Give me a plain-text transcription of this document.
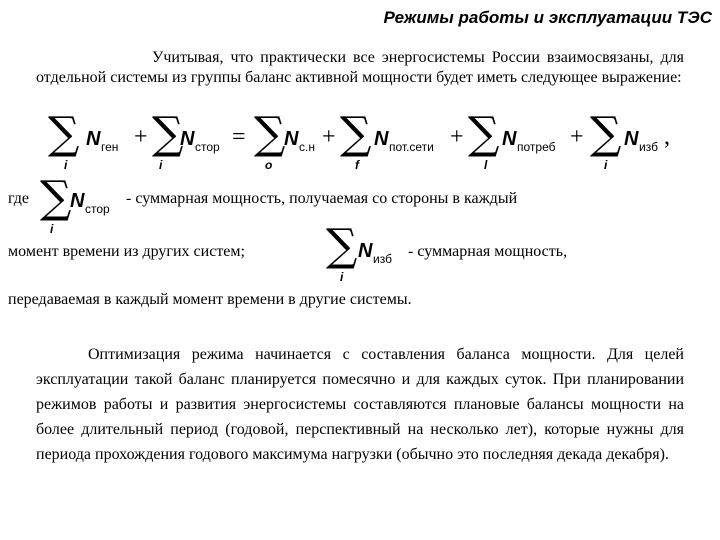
Режимы работы и эксплуатации ТЭС
Учитывая, что практически все энергосистемы России взаимосвязаны, для отдельной системы из группы баланс активной мощности будет иметь следующее выражение:
∑
i
N ген + ∑
i
N стор = ∑
o
N с.н + ∑
f
N пот.сети + ∑
l
N потреб + ∑
i
N изб ,
где ∑
i
N стор
- суммарная мощность, получаемая со стороны в каждый
момент времени из других систем; ∑
i
N изб - суммарная мощность,
передаваемая в каждый момент времени в другие системы.
Оптимизация режима начинается с составления баланса мощности. Для целей эксплуатации такой баланс планируется помесячно и для каждых суток. При планировании режимов работы и развития энергосистемы составляются плановые балансы мощности на более длительный период (годовой, перспективный на несколько лет), которые нужны для периода прохождения годового максимума нагрузки (обычно это последняя декада декабря).
